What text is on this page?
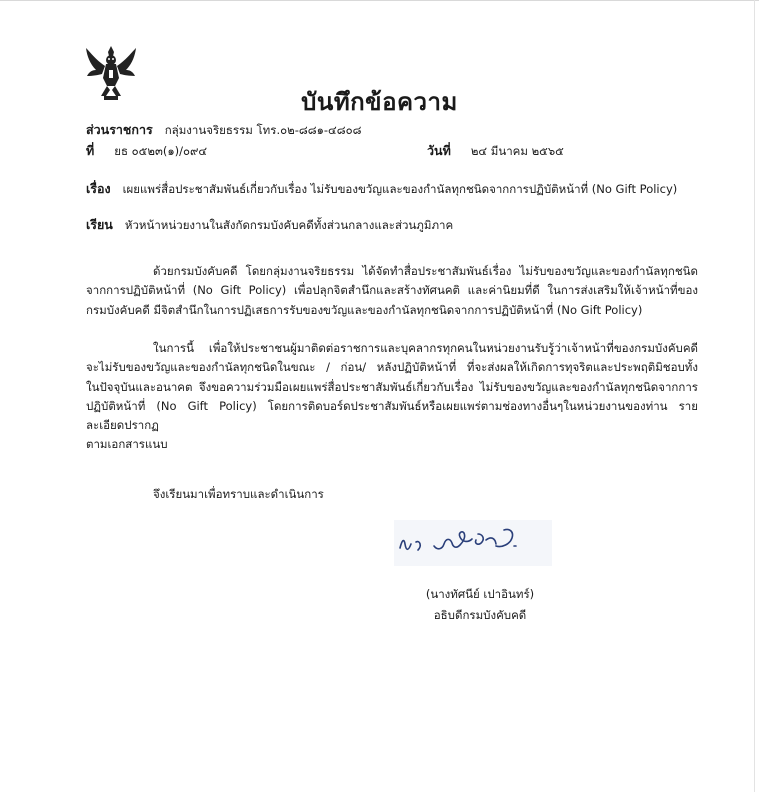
บันทึกข้อความ
ส่วนราชการ กลุ่มงานจริยธรรม โทร.๐๒-๘๘๑-๔๘๐๘
ที่ ยธ ๐๕๒๓(๑)/๐๙๔	วันที่ ๒๔ มีนาคม ๒๕๖๕
เรื่อง เผยแพร่สื่อประชาสัมพันธ์เกี่ยวกับเรื่อง ไม่รับของขวัญและของกำนัลทุกชนิดจากการปฏิบัติหน้าที่ (No Gift Policy)
เรียน หัวหน้าหน่วยงานในสังกัดกรมบังคับคดีทั้งส่วนกลางและส่วนภูมิภาค
ด้วยกรมบังคับคดี โดยกลุ่มงานจริยธรรม ได้จัดทำสื่อประชาสัมพันธ์เรื่อง ไม่รับของขวัญและของกำนัลทุกชนิด
จากการปฏิบัติหน้าที่ (No Gift Policy) เพื่อปลุกจิตสำนึกและสร้างทัศนคติ และค่านิยมที่ดี ในการส่งเสริมให้เจ้าหน้าที่ของ
กรมบังคับคดี มีจิตสำนึกในการปฏิเสธการรับของขวัญและของกำนัลทุกชนิดจากการปฏิบัติหน้าที่ (No Gift Policy)
ในการนี้ เพื่อให้ประชาชนผู้มาติดต่อราชการและบุคลากรทุกคนในหน่วยงานรับรู้ว่าเจ้าหน้าที่ของกรมบังคับคดี
จะไม่รับของขวัญและของกำนัลทุกชนิดในขณะ / ก่อน/ หลังปฏิบัติหน้าที่ ที่จะส่งผลให้เกิดการทุจริตและประพฤติมิชอบทั้ง
ในปัจจุบันและอนาคต จึงขอความร่วมมือเผยแพร่สื่อประชาสัมพันธ์เกี่ยวกับเรื่อง ไม่รับของขวัญและของกำนัลทุกชนิดจากการ
ปฏิบัติหน้าที่ (No Gift Policy) โดยการติดบอร์ดประชาสัมพันธ์หรือเผยแพร่ตามช่องทางอื่นๆในหน่วยงานของท่าน ราย
ละเอียดปรากฏ
ตามเอกสารแนบ
จึงเรียนมาเพื่อทราบและดำเนินการ
(นางทัศนีย์ เปาอินทร์)
อธิบดีกรมบังคับคดี
